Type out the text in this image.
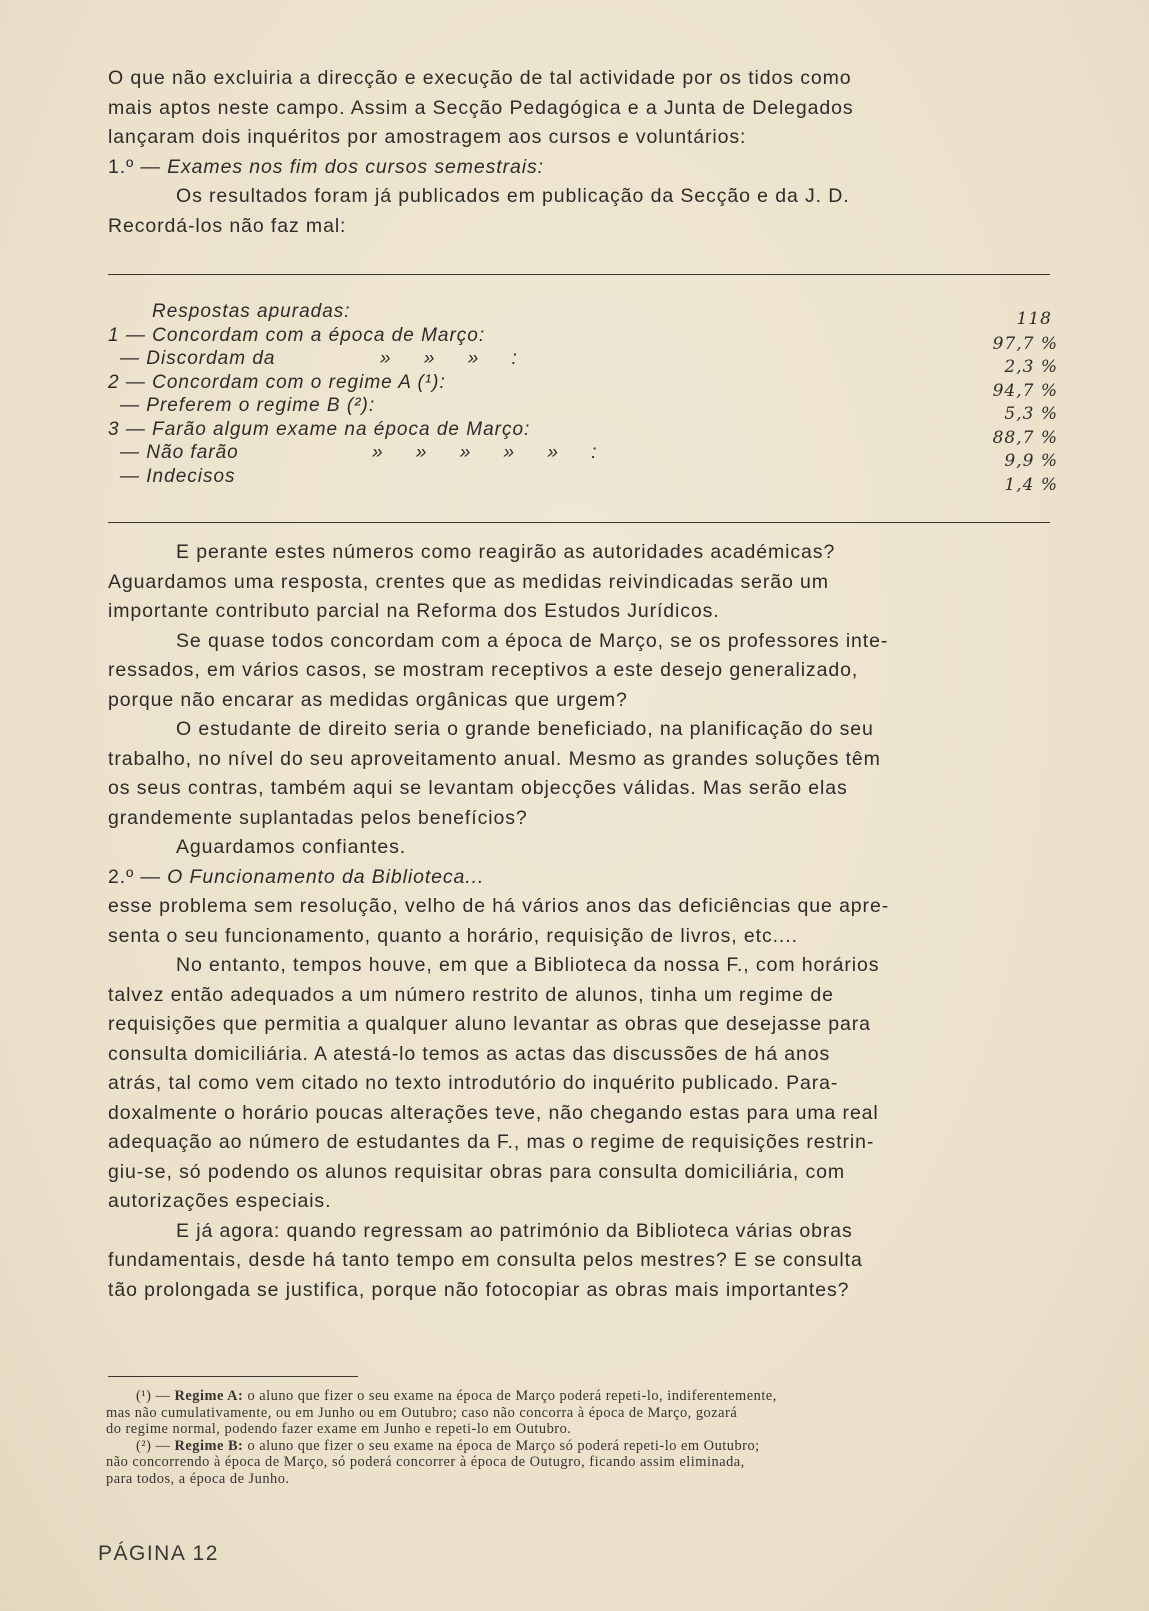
O que não excluiria a direcção e execução de tal actividade por os tidos como
mais aptos neste campo. Assim a Secção Pedagógica e a Junta de Delegados
lançaram dois inquéritos por amostragem aos cursos e voluntários:

1.º — Exames nos fim dos cursos semestrais:

Os resultados foram já publicados em publicação da Secção e da J. D.
Recordá-los não faz mal:

Respostas apuradas:	118
1 — Concordam com a época de Março:	97,7 %
— Discordam da	» » » :	2,3 %
2 — Concordam com o regime A (¹):	94,7 %
— Preferem o regime B (²):	5,3 %
3 — Farão algum exame na época de Março:	88,7 %
— Não farão	» » » » » :	9,9 %
— Indecisos	1,4 %

E perante estes números como reagirão as autoridades académicas?
Aguardamos uma resposta, crentes que as medidas reivindicadas serão um
importante contributo parcial na Reforma dos Estudos Jurídicos.

Se quase todos concordam com a época de Março, se os professores inte-
ressados, em vários casos, se mostram receptivos a este desejo generalizado,
porque não encarar as medidas orgânicas que urgem?

O estudante de direito seria o grande beneficiado, na planificação do seu
trabalho, no nível do seu aproveitamento anual. Mesmo as grandes soluções têm
os seus contras, também aqui se levantam objecções válidas. Mas serão elas
grandemente suplantadas pelos benefícios?

Aguardamos confiantes.

2.º — O Funcionamento da Biblioteca...

esse problema sem resolução, velho de há vários anos das deficiências que apre-
senta o seu funcionamento, quanto a horário, requisição de livros, etc....

No entanto, tempos houve, em que a Biblioteca da nossa F., com horários
talvez então adequados a um número restrito de alunos, tinha um regime de
requisições que permitia a qualquer aluno levantar as obras que desejasse para
consulta domiciliária. A atestá-lo temos as actas das discussões de há anos
atrás, tal como vem citado no texto introdutório do inquérito publicado. Para-
doxalmente o horário poucas alterações teve, não chegando estas para uma real
adequação ao número de estudantes da F., mas o regime de requisições restrin-
giu-se, só podendo os alunos requisitar obras para consulta domiciliária, com
autorizações especiais.

E já agora: quando regressam ao património da Biblioteca várias obras
fundamentais, desde há tanto tempo em consulta pelos mestres? E se consulta
tão prolongada se justifica, porque não fotocopiar as obras mais importantes?

(¹) — Regime A: o aluno que fizer o seu exame na época de Março poderá repeti-lo, indiferentemente,
mas não cumulativamente, ou em Junho ou em Outubro; caso não concorra à época de Março, gozará
do regime normal, podendo fazer exame em Junho e repeti-lo em Outubro.
(²) — Regime B: o aluno que fizer o seu exame na época de Março só poderá repeti-lo em Outubro;
não concorrendo à época de Março, só poderá concorrer à época de Outugro, ficando assim eliminada,
para todos, a época de Junho.
PÁGINA 12
